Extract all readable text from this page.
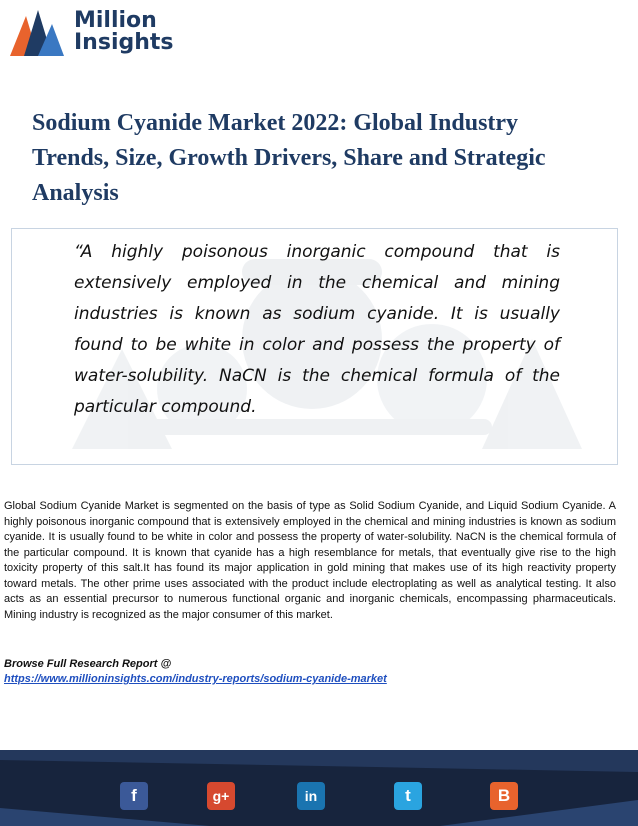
Million
Insights
Sodium Cyanide Market 2022: Global Industry Trends, Size, Growth Drivers, Share and Strategic Analysis

“A highly poisonous inorganic compound that is extensively employed in the chemical and mining industries is known as sodium cyanide. It is usually found to be white in color and possess the property of water-solubility. NaCN is the chemical formula of the particular compound.

Global Sodium Cyanide Market is segmented on the basis of type as Solid Sodium Cyanide, and Liquid Sodium Cyanide. A highly poisonous inorganic compound that is extensively employed in the chemical and mining industries is known as sodium cyanide. It is usually found to be white in color and possess the property of water-solubility. NaCN is the chemical formula of the particular compound. It is known that cyanide has a high resemblance for metals, that eventually give rise to the high toxicity property of this salt.It has found its major application in gold mining that makes use of its high reactivity property toward metals. The other prime uses associated with the product include electroplating as well as analytical testing. It also acts as an essential precursor to numerous functional organic and inorganic chemicals, encompassing pharmaceuticals. Mining industry is recognized as the major consumer of this market.

Browse Full Research Report @
https://www.millioninsights.com/industry-reports/sodium-cyanide-market
f	g+	in	t	B
